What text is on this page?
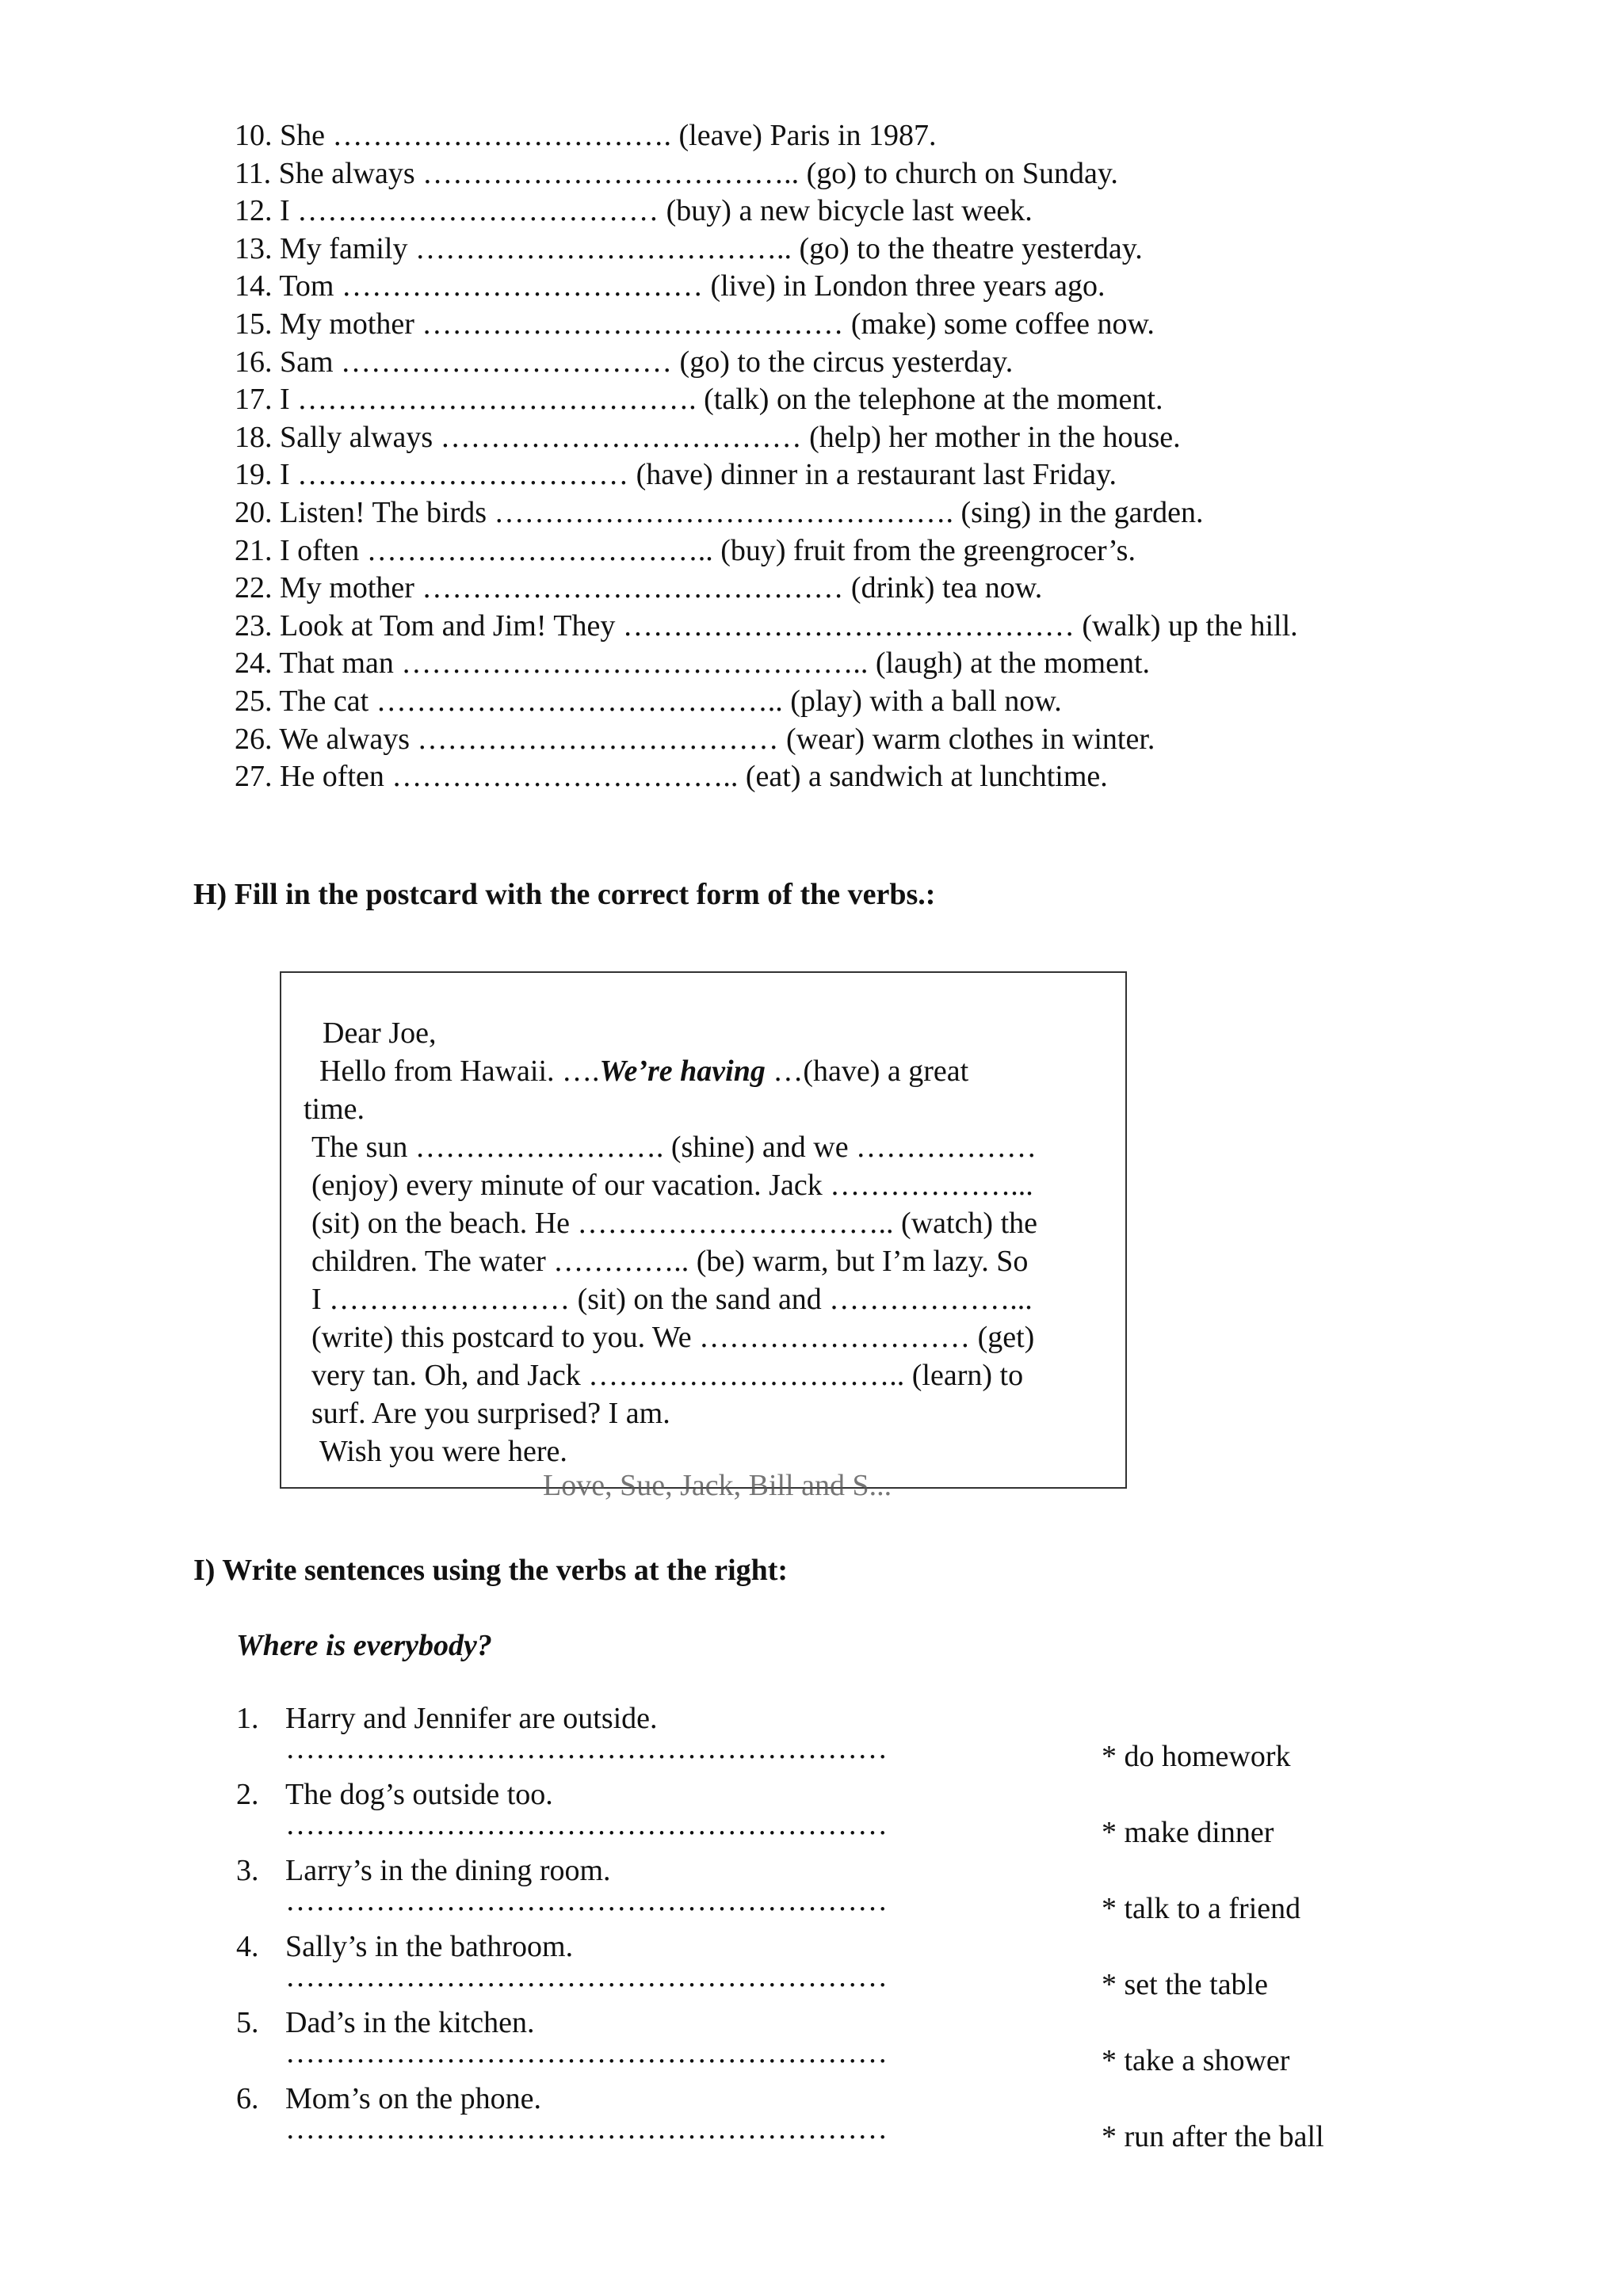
10. She ……………………………. (leave) Paris in 1987.
11. She always ……………………………….. (go) to church on Sunday.
12. I ……………………………… (buy) a new bicycle last week.
13. My family ……………………………….. (go) to the theatre yesterday.
14. Tom ……………………………… (live) in London three years ago.
15. My mother …………………………………… (make) some coffee now.
16. Sam …………………………… (go) to the circus yesterday.
17. I …………………………………. (talk) on the telephone at the moment.
18. Sally always ……………………………… (help) her mother in the house.
19. I …………………………… (have) dinner in a restaurant last Friday.
20. Listen! The birds ………………………………………. (sing) in the garden.
21. I often …………………………….. (buy) fruit from the greengrocer’s.
22. My mother …………………………………… (drink) tea now.
23. Look at Tom and Jim! They ……………………………………… (walk) up the hill.
24. That man ……………………………………….. (laugh) at the moment.
25. The cat ………………………………….. (play) with a ball now.
26. We always ……………………………… (wear) warm clothes in winter.
27. He often …………………………….. (eat) a sandwich at lunchtime.
H) Fill in the postcard with the correct form of the verbs.:

Dear Joe,

Hello from Hawaii. ….We’re having …(have) a great

time.

The sun ……………………. (shine) and we ………………

(enjoy) every minute of our vacation. Jack ………………...

(sit) on the beach. He ………………………….. (watch) the

children. The water ………….. (be) warm, but I’m lazy. So

I …………………… (sit) on the sand and ………………...

(write) this postcard to you. We ……………………… (get)

very tan. Oh, and Jack ………………………….. (learn) to

surf. Are you surprised? I am.

Wish you were here.

Love, Sue, Jack, Bill and S...
I) Write sentences using the verbs at the right:

Where is everybody?

1. Harry and Jennifer are outside.
……………………………………………………
2. The dog’s outside too.
……………………………………………………
3. Larry’s in the dining room.
……………………………………………………
4. Sally’s in the bathroom.
……………………………………………………
5. Dad’s in the kitchen.
……………………………………………………
6. Mom’s on the phone.
……………………………………………………
* do homework
* make dinner
* talk to a friend
* set the table
* take a shower
* run after the ball
